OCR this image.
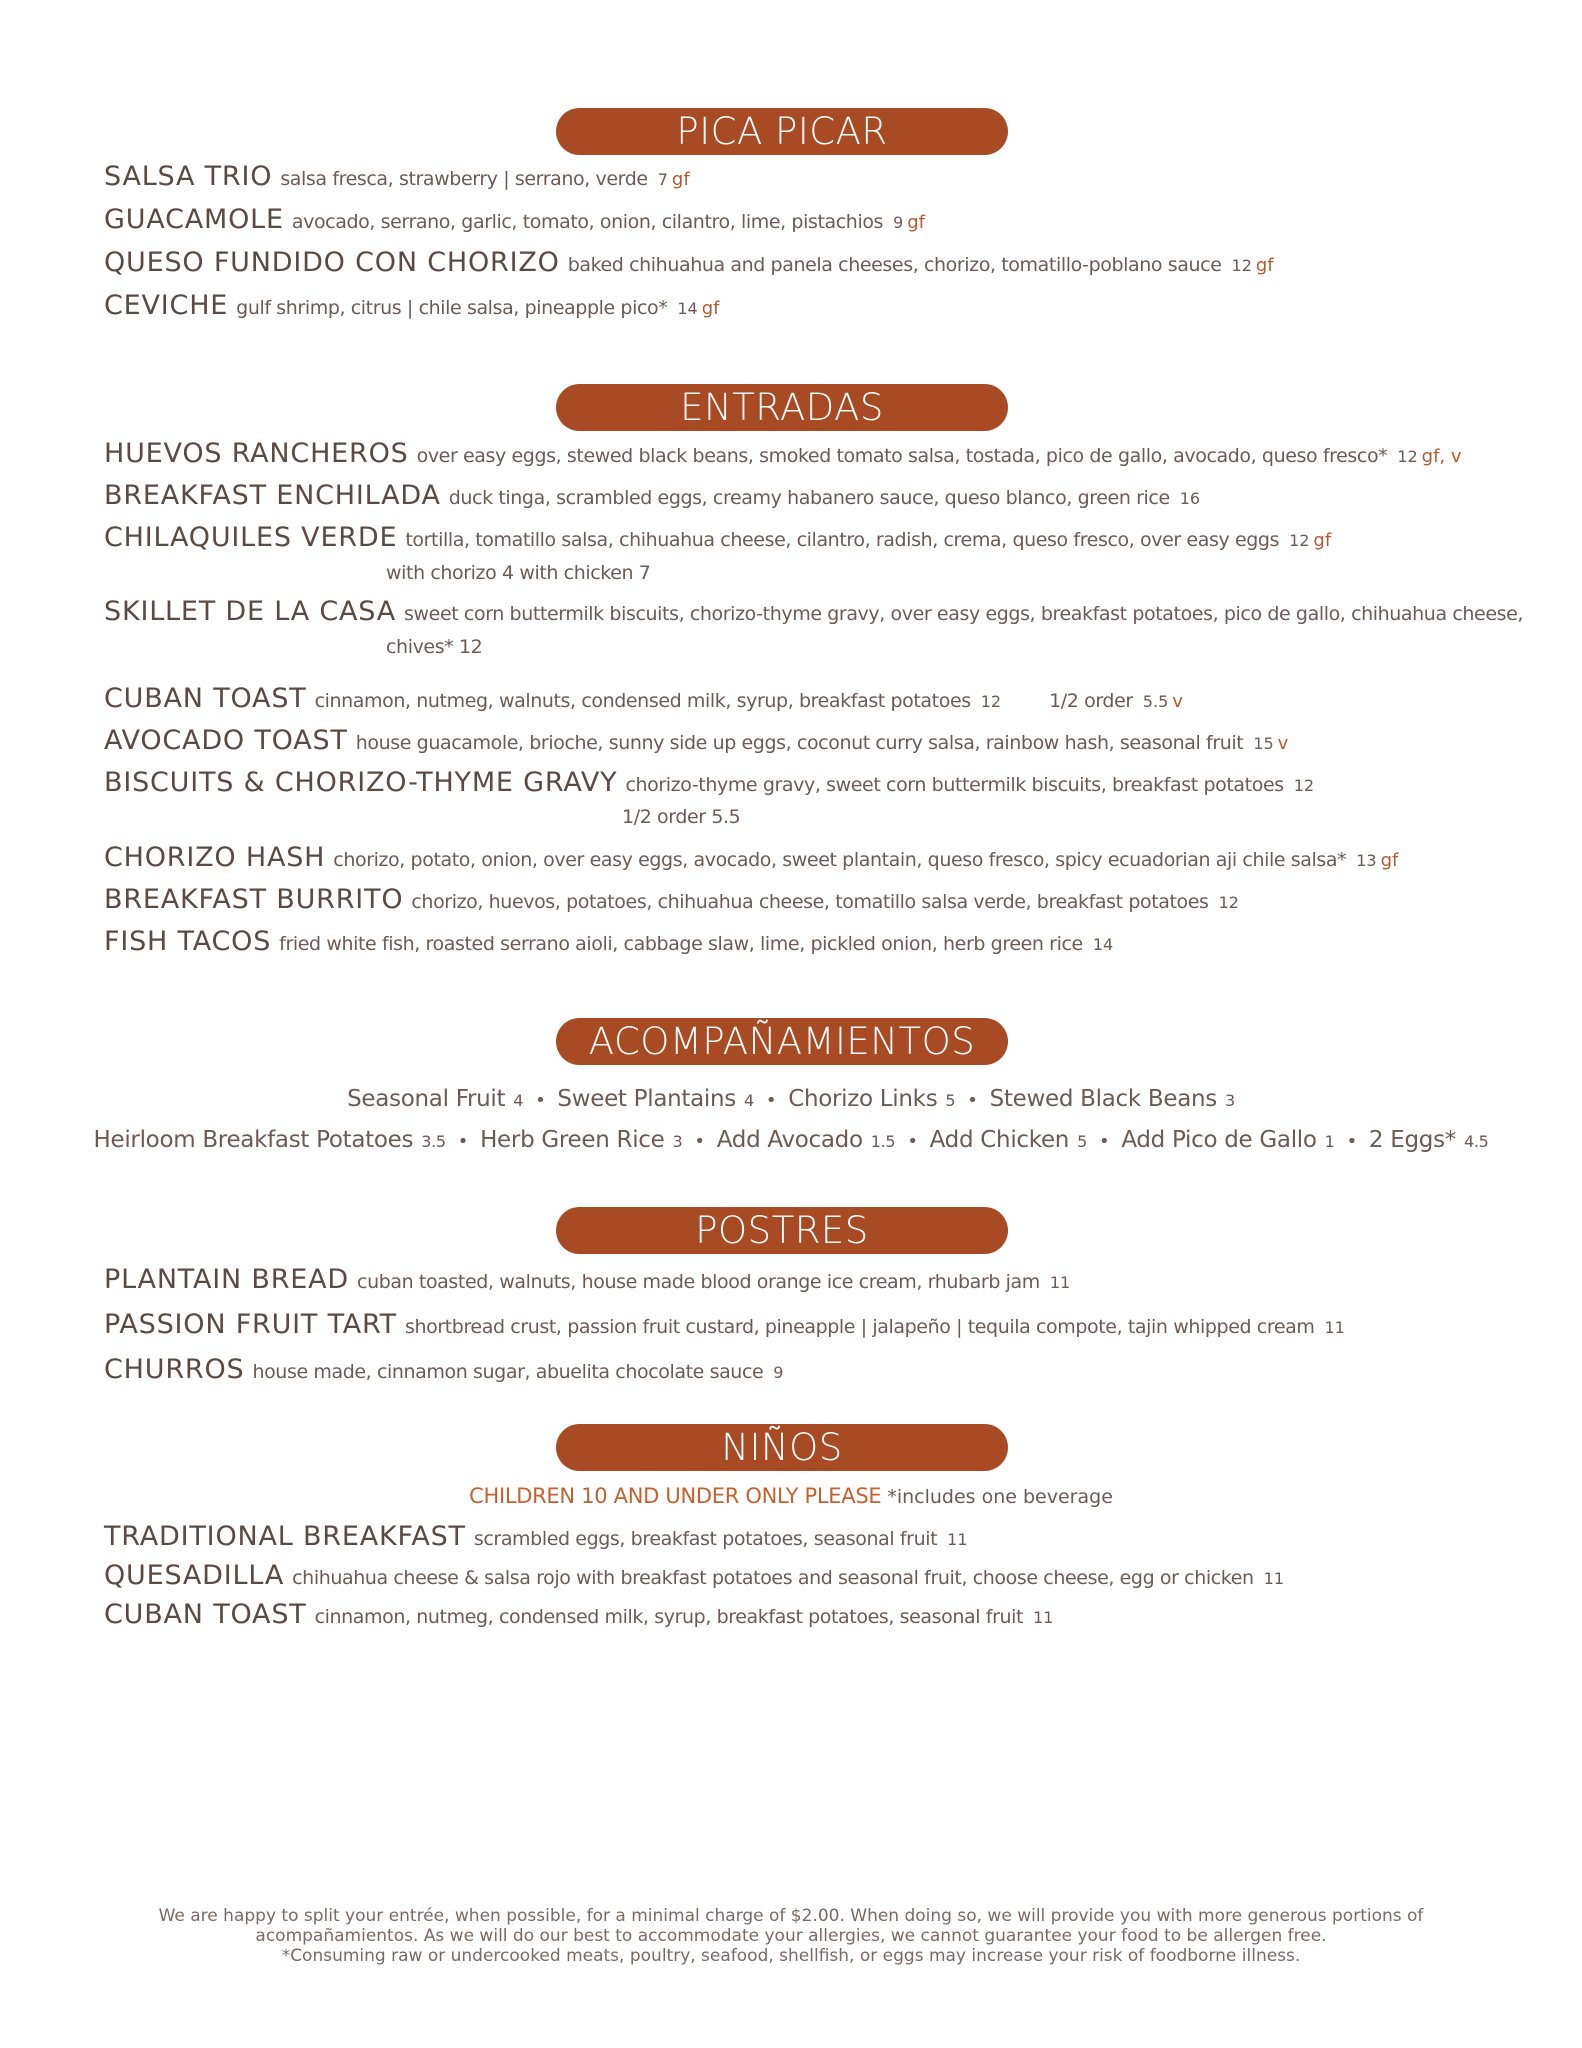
PICA PICAR
SALSA TRIO salsa fresca, strawberry | serrano, verde 7 gf
GUACAMOLE avocado, serrano, garlic, tomato, onion, cilantro, lime, pistachios 9 gf
QUESO FUNDIDO CON CHORIZO baked chihuahua and panela cheeses, chorizo, tomatillo-poblano sauce 12 gf
CEVICHE gulf shrimp, citrus | chile salsa, pineapple pico* 14 gf
ENTRADAS
HUEVOS RANCHEROS over easy eggs, stewed black beans, smoked tomato salsa, tostada, pico de gallo, avocado, queso fresco* 12 gf, v
BREAKFAST ENCHILADA duck tinga, scrambled eggs, creamy habanero sauce, queso blanco, green rice 16
CHILAQUILES VERDE tortilla, tomatillo salsa, chihuahua cheese, cilantro, radish, crema, queso fresco, over easy eggs 12 gf
with chorizo 4 with chicken 7
SKILLET DE LA CASA sweet corn buttermilk biscuits, chorizo-thyme gravy, over easy eggs, breakfast potatoes, pico de gallo, chihuahua cheese,
chives* 12
CUBAN TOAST cinnamon, nutmeg, walnuts, condensed milk, syrup, breakfast potatoes 12	1/2 order 5.5 v
AVOCADO TOAST house guacamole, brioche, sunny side up eggs, coconut curry salsa, rainbow hash, seasonal fruit 15 v
BISCUITS & CHORIZO-THYME GRAVY chorizo-thyme gravy, sweet corn buttermilk biscuits, breakfast potatoes 12
1/2 order 5.5
CHORIZO HASH chorizo, potato, onion, over easy eggs, avocado, sweet plantain, queso fresco, spicy ecuadorian aji chile salsa* 13 gf
BREAKFAST BURRITO chorizo, huevos, potatoes, chihuahua cheese, tomatillo salsa verde, breakfast potatoes 12
FISH TACOS fried white fish, roasted serrano aioli, cabbage slaw, lime, pickled onion, herb green rice 14
ACOMPAÑAMIENTOS
Seasonal Fruit 4 • Sweet Plantains 4 • Chorizo Links 5 • Stewed Black Beans 3
Heirloom Breakfast Potatoes 3.5 • Herb Green Rice 3 • Add Avocado 1.5 • Add Chicken 5 • Add Pico de Gallo 1 • 2 Eggs* 4.5
POSTRES
PLANTAIN BREAD cuban toasted, walnuts, house made blood orange ice cream, rhubarb jam 11
PASSION FRUIT TART shortbread crust, passion fruit custard, pineapple | jalapeño | tequila compote, tajin whipped cream 11
CHURROS house made, cinnamon sugar, abuelita chocolate sauce 9
NIÑOS
CHILDREN 10 AND UNDER ONLY PLEASE *includes one beverage
TRADITIONAL BREAKFAST scrambled eggs, breakfast potatoes, seasonal fruit 11
QUESADILLA chihuahua cheese & salsa rojo with breakfast potatoes and seasonal fruit, choose cheese, egg or chicken 11
CUBAN TOAST cinnamon, nutmeg, condensed milk, syrup, breakfast potatoes, seasonal fruit 11
We are happy to split your entrée, when possible, for a minimal charge of $2.00. When doing so, we will provide you with more generous portions of
acompañamientos. As we will do our best to accommodate your allergies, we cannot guarantee your food to be allergen free.
*Consuming raw or undercooked meats, poultry, seafood, shellfish, or eggs may increase your risk of foodborne illness.
